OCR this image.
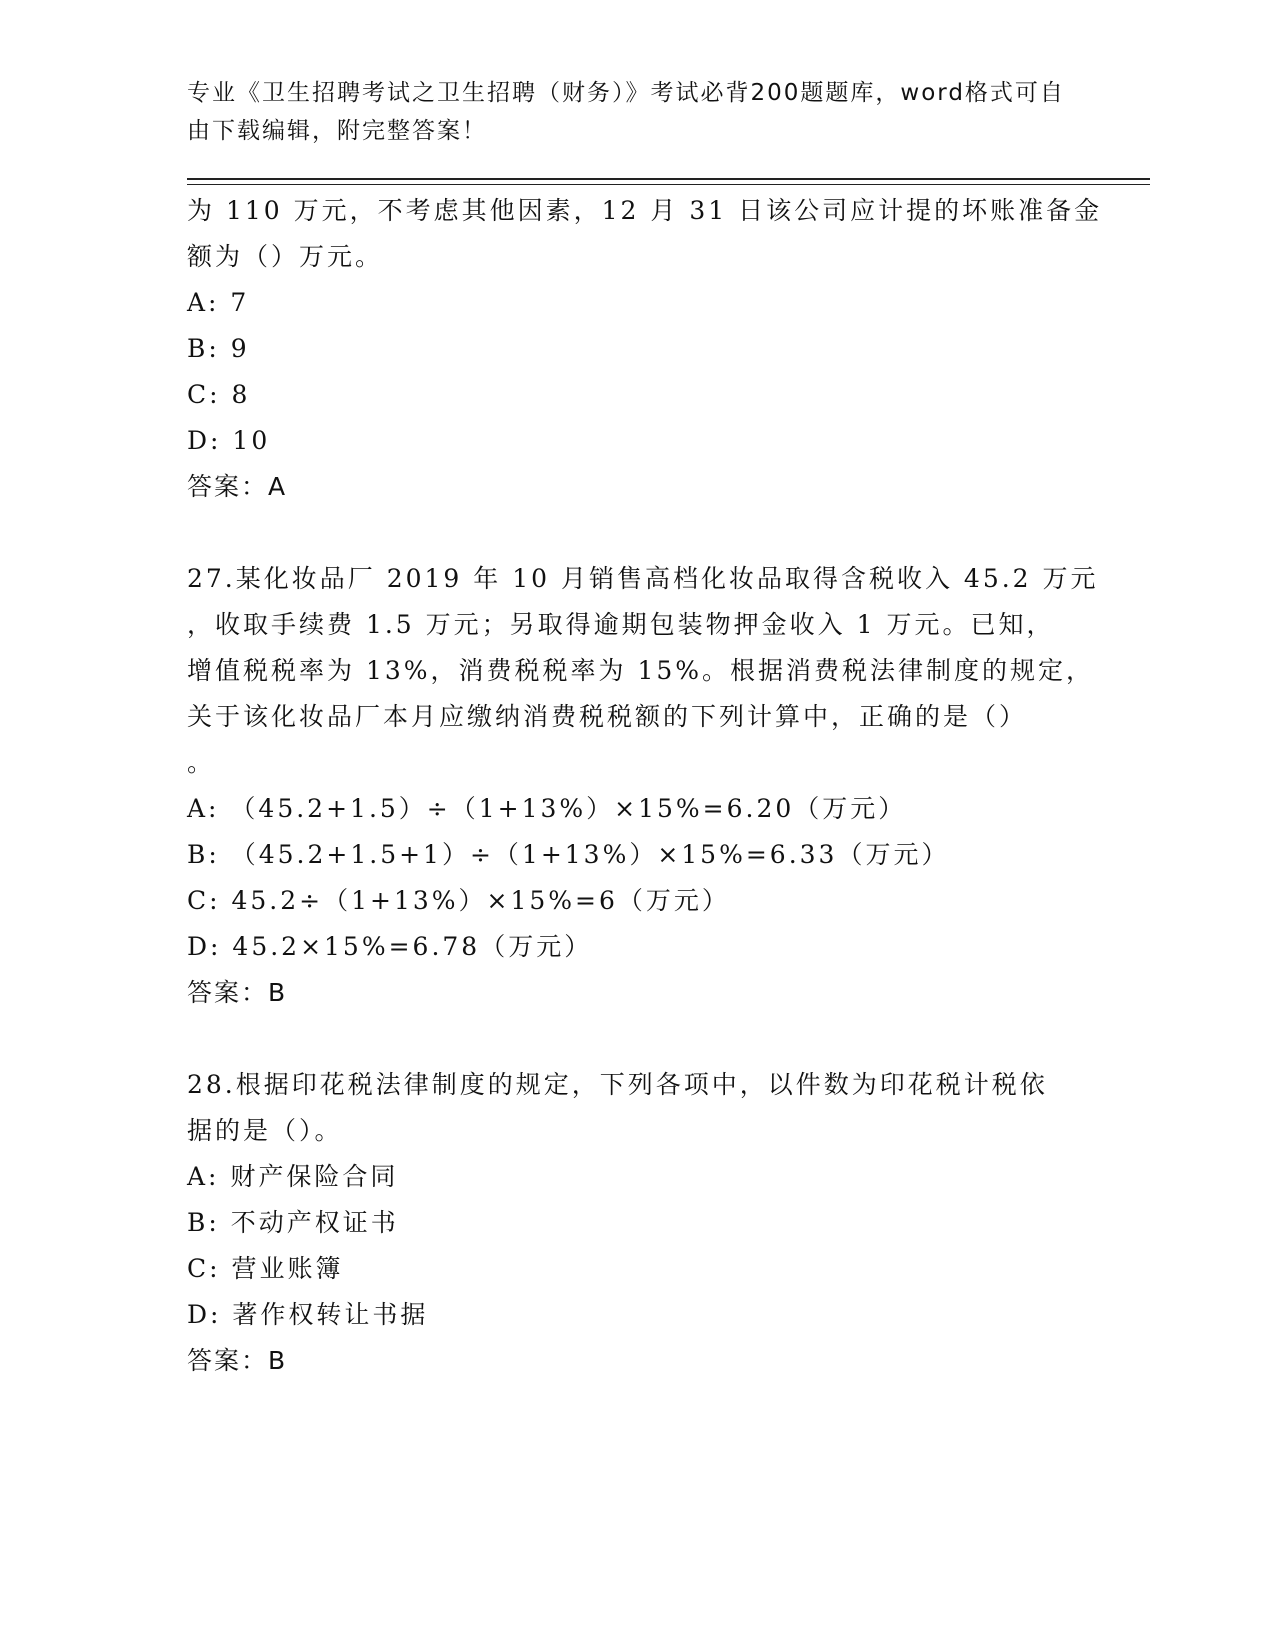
专业《卫生招聘考试之卫生招聘（财务）》考试必背200题题库，word格式可自
由下载编辑，附完整答案！
为 110 万元，不考虑其他因素，12 月 31 日该公司应计提的坏账准备金
额为（）万元。
A: 7
B: 9
C: 8
D: 10
答案：A
27.某化妆品厂 2019 年 10 月销售高档化妆品取得含税收入 45.2 万元
，收取手续费 1.5 万元；另取得逾期包装物押金收入 1 万元。已知，
增值税税率为 13%，消费税税率为 15%。根据消费税法律制度的规定，
关于该化妆品厂本月应缴纳消费税税额的下列计算中，正确的是（）
。
A: （45.2+1.5）÷（1+13%）×15%=6.20（万元）
B: （45.2+1.5+1）÷（1+13%）×15%=6.33（万元）
C: 45.2÷（1+13%）×15%=6（万元）
D: 45.2×15%=6.78（万元）
答案：B
28.根据印花税法律制度的规定，下列各项中，以件数为印花税计税依
据的是（）。
A: 财产保险合同
B: 不动产权证书
C: 营业账簿
D: 著作权转让书据
答案：B
